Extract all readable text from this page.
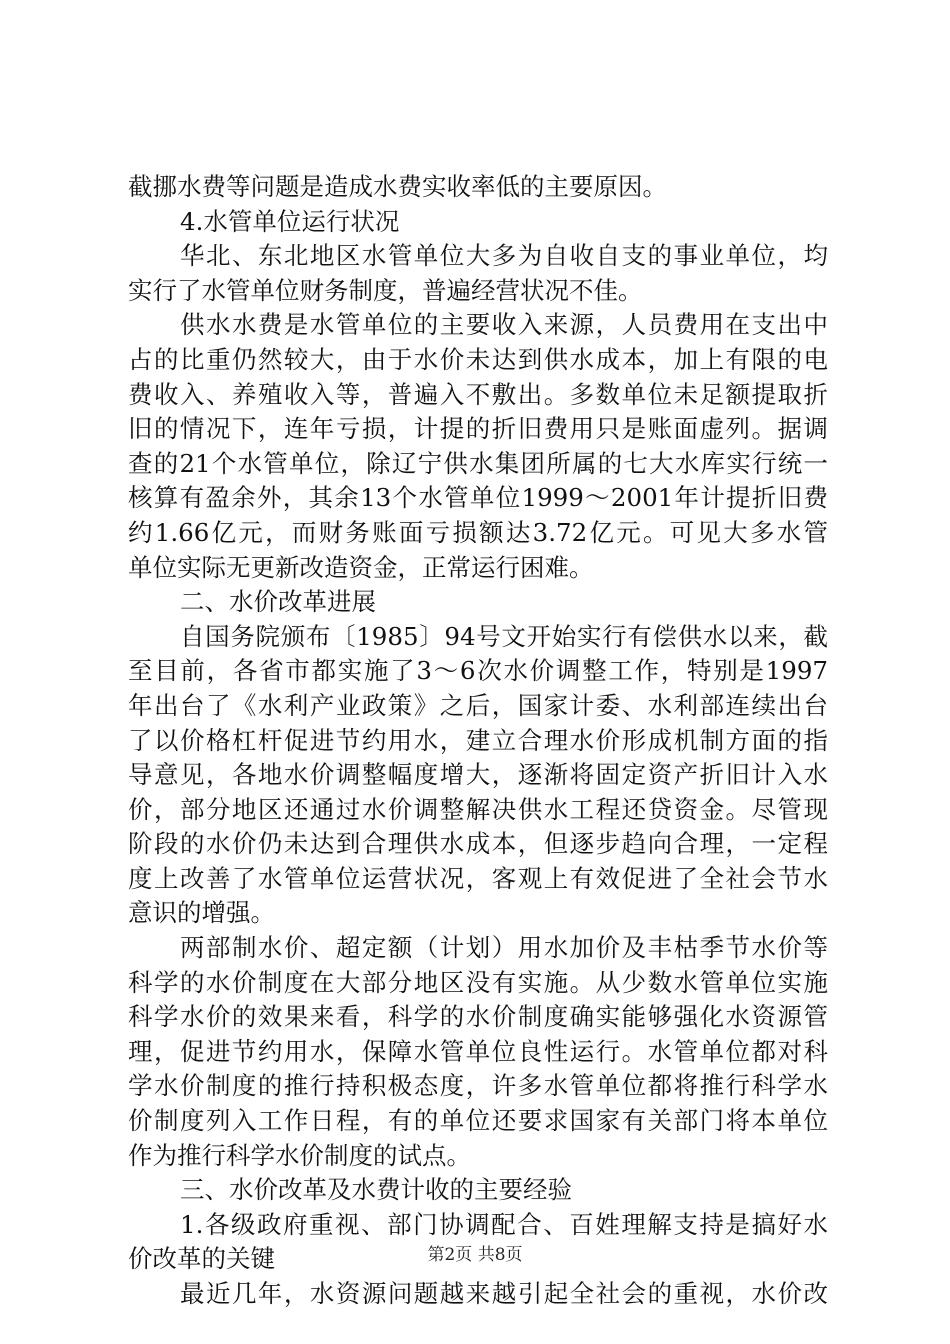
截挪水费等问题是造成水费实收率低的主要原因。
4.水管单位运行状况
华北、东北地区水管单位大多为自收自支的事业单位，均
实行了水管单位财务制度，普遍经营状况不佳。
供水水费是水管单位的主要收入来源，人员费用在支出中
占的比重仍然较大，由于水价未达到供水成本，加上有限的电
费收入、养殖收入等，普遍入不敷出。多数单位未足额提取折
旧的情况下，连年亏损，计提的折旧费用只是账面虚列。据调
查的21个水管单位，除辽宁供水集团所属的七大水库实行统一
核算有盈余外，其余13个水管单位1999～2001年计提折旧费
约1.66亿元，而财务账面亏损额达3.72亿元。可见大多水管
单位实际无更新改造资金，正常运行困难。
二、水价改革进展
自国务院颁布〔1985〕94号文开始实行有偿供水以来，截
至目前，各省市都实施了3～6次水价调整工作，特别是1997
年出台了《水利产业政策》之后，国家计委、水利部连续出台
了以价格杠杆促进节约用水，建立合理水价形成机制方面的指
导意见，各地水价调整幅度增大，逐渐将固定资产折旧计入水
价，部分地区还通过水价调整解决供水工程还贷资金。尽管现
阶段的水价仍未达到合理供水成本，但逐步趋向合理，一定程
度上改善了水管单位运营状况，客观上有效促进了全社会节水
意识的增强。
两部制水价、超定额（计划）用水加价及丰枯季节水价等
科学的水价制度在大部分地区没有实施。从少数水管单位实施
科学水价的效果来看，科学的水价制度确实能够强化水资源管
理，促进节约用水，保障水管单位良性运行。水管单位都对科
学水价制度的推行持积极态度，许多水管单位都将推行科学水
价制度列入工作日程，有的单位还要求国家有关部门将本单位
作为推行科学水价制度的试点。
三、水价改革及水费计收的主要经验
1.各级政府重视、部门协调配合、百姓理解支持是搞好水
价改革的关键
最近几年，水资源问题越来越引起全社会的重视，水价改
第2页 共8页
